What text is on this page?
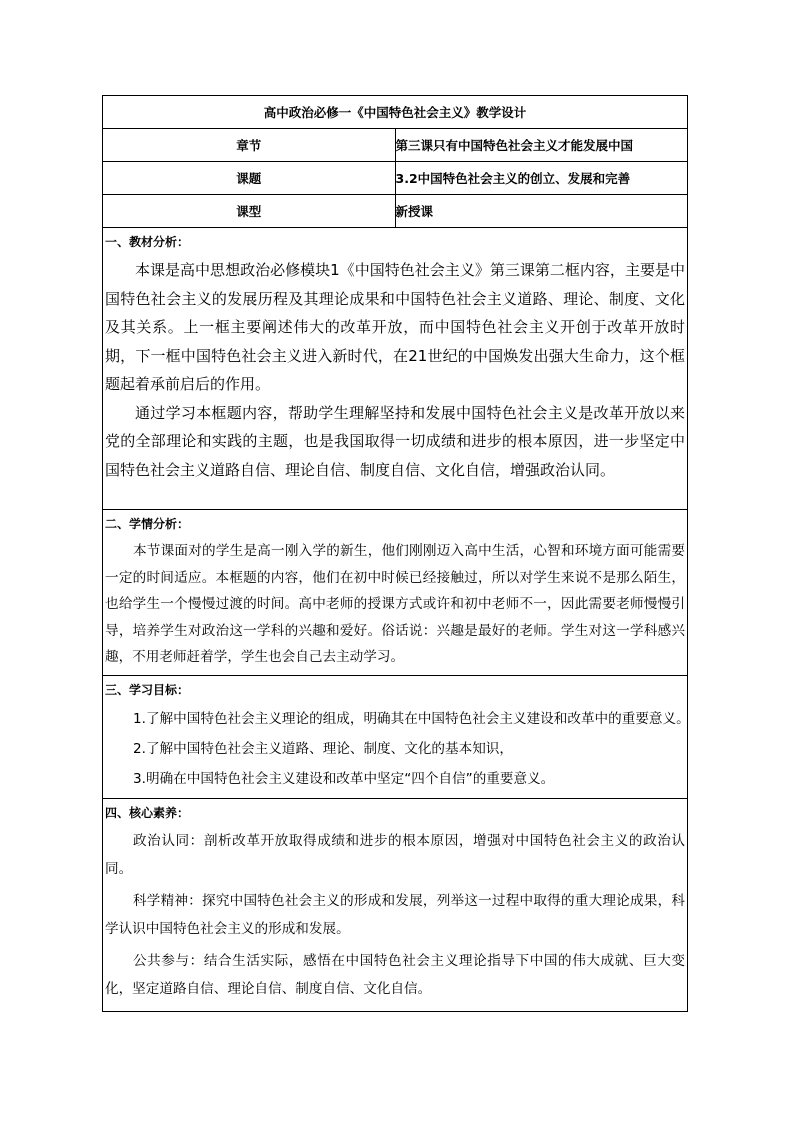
高中政治必修一《中国特色社会主义》教学设计	
章节	第三课只有中国特色社会主义才能发展中国

课题	3.2中国特色社会主义的创立、发展和完善

课型	新授课

一、教材分析：

本课是高中思想政治必修模块1《中国特色社会主义》第三课第二框内容，主要是中国特色社会主义的发展历程及其理论成果和中国特色社会主义道路、理论、制度、文化及其关系。上一框主要阐述伟大的改革开放，而中国特色社会主义开创于改革开放时期，下一框中国特色社会主义进入新时代，在21世纪的中国焕发出强大生命力，这个框题起着承前启后的作用。

通过学习本框题内容，帮助学生理解坚持和发展中国特色社会主义是改革开放以来党的全部理论和实践的主题，也是我国取得一切成绩和进步的根本原因，进一步坚定中国特色社会主义道路自信、理论自信、制度自信、文化自信，增强政治认同。	

二、学情分析：

本节课面对的学生是高一刚入学的新生，他们刚刚迈入高中生活，心智和环境方面可能需要一定的时间适应。本框题的内容，他们在初中时候已经接触过，所以对学生来说不是那么陌生，也给学生一个慢慢过渡的时间。高中老师的授课方式或许和初中老师不一，因此需要老师慢慢引导，培养学生对政治这一学科的兴趣和爱好。俗话说：兴趣是最好的老师。学生对这一学科感兴趣，不用老师赶着学，学生也会自己去主动学习。	

三、学习目标：

1.了解中国特色社会主义理论的组成，明确其在中国特色社会主义建设和改革中的重要意义。

2.了解中国特色社会主义道路、理论、制度、文化的基本知识，

3.明确在中国特色社会主义建设和改革中坚定“四个自信”的重要意义。	

四、核心素养：

政治认同：剖析改革开放取得成绩和进步的根本原因，增强对中国特色社会主义的政治认同。

科学精神：探究中国特色社会主义的形成和发展，列举这一过程中取得的重大理论成果，科学认识中国特色社会主义的形成和发展。

公共参与：结合生活实际，感悟在中国特色社会主义理论指导下中国的伟大成就、巨大变化，坚定道路自信、理论自信、制度自信、文化自信。	
